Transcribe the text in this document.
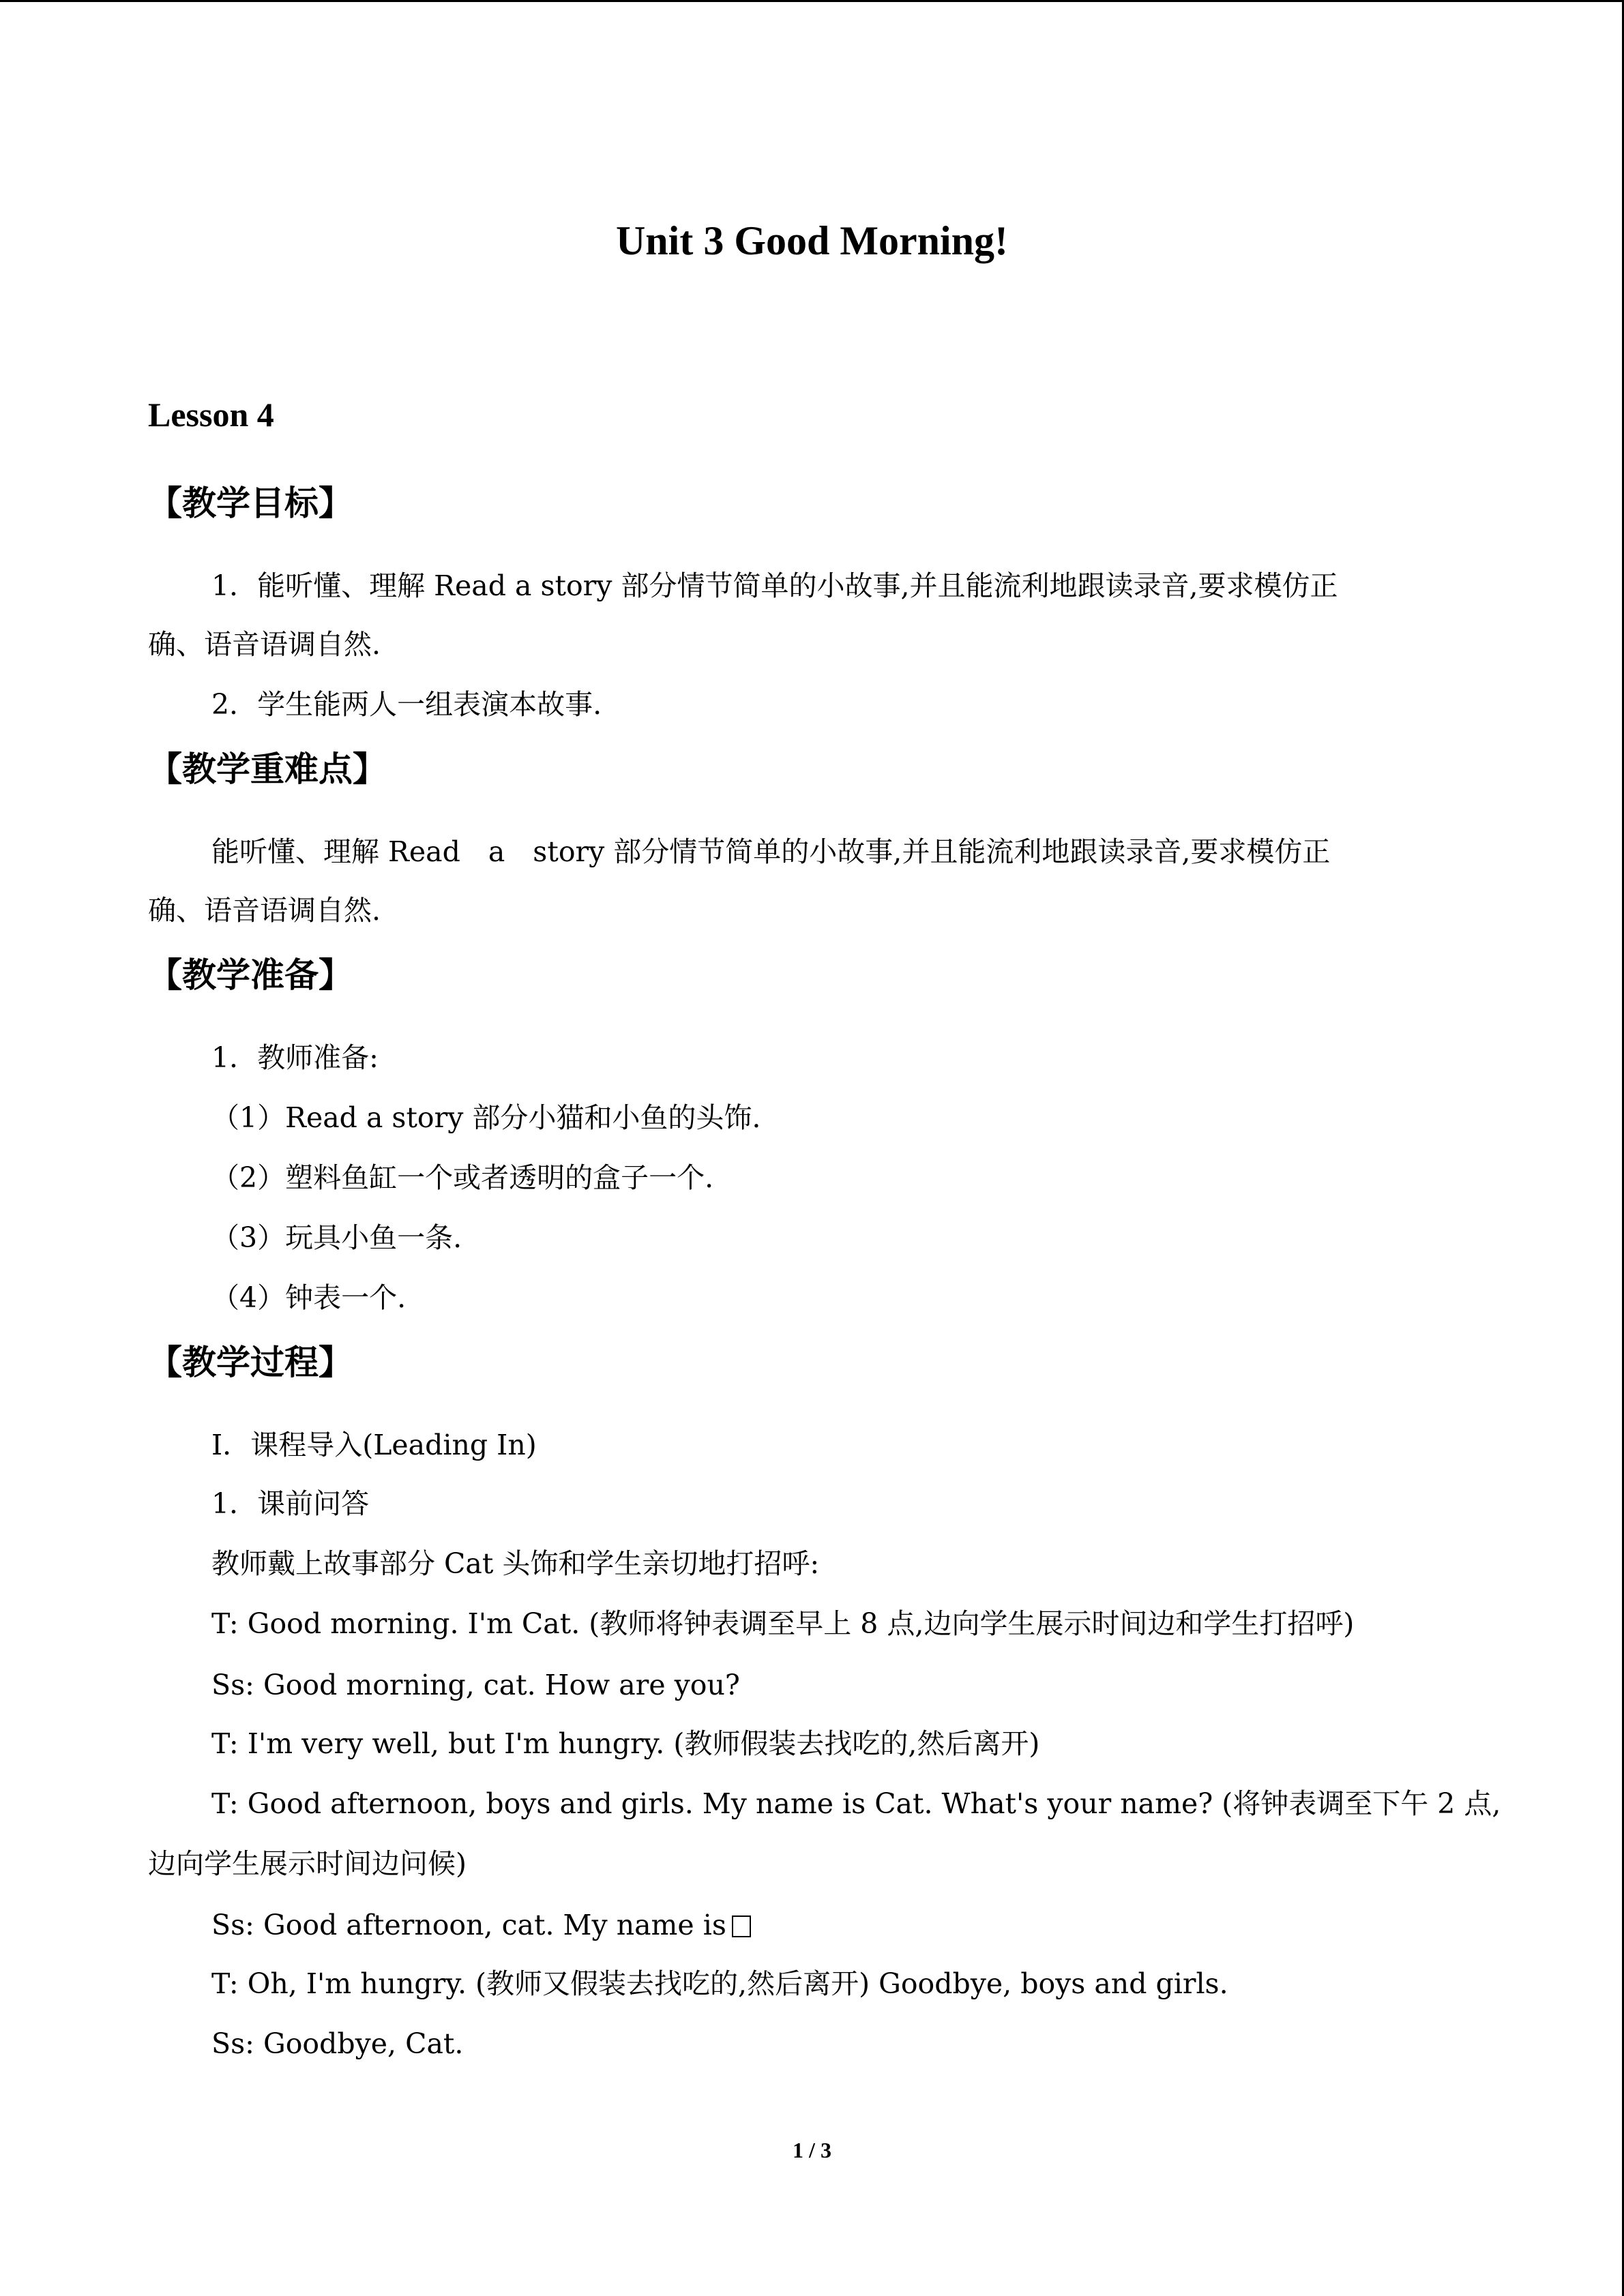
Unit 3 Good Morning!
Lesson 4
【教学目标】
1．能听懂、理解 Read a story 部分情节简单的小故事,并且能流利地跟读录音,要求模仿正
确、语音语调自然.
2．学生能两人一组表演本故事.
【教学重难点】
能听懂、理解 Read　a　story 部分情节简单的小故事,并且能流利地跟读录音,要求模仿正
确、语音语调自然.
【教学准备】
1．教师准备:
（1）Read a story 部分小猫和小鱼的头饰.
（2）塑料鱼缸一个或者透明的盒子一个.
（3）玩具小鱼一条.
（4）钟表一个.
【教学过程】
Ⅰ．课程导入(Leading In)
1．课前问答
教师戴上故事部分 Cat 头饰和学生亲切地打招呼:
T: Good morning. I'm Cat. (教师将钟表调至早上 8 点,边向学生展示时间边和学生打招呼)
Ss: Good morning, cat. How are you?
T: I'm very well, but I'm hungry. (教师假装去找吃的,然后离开)
T: Good afternoon, boys and girls. My name is Cat. What's your name? (将钟表调至下午 2 点,
边向学生展示时间边问候)
Ss: Good afternoon, cat. My name is
T: Oh, I'm hungry. (教师又假装去找吃的,然后离开) Goodbye, boys and girls.
Ss: Goodbye, Cat.
1 / 3
